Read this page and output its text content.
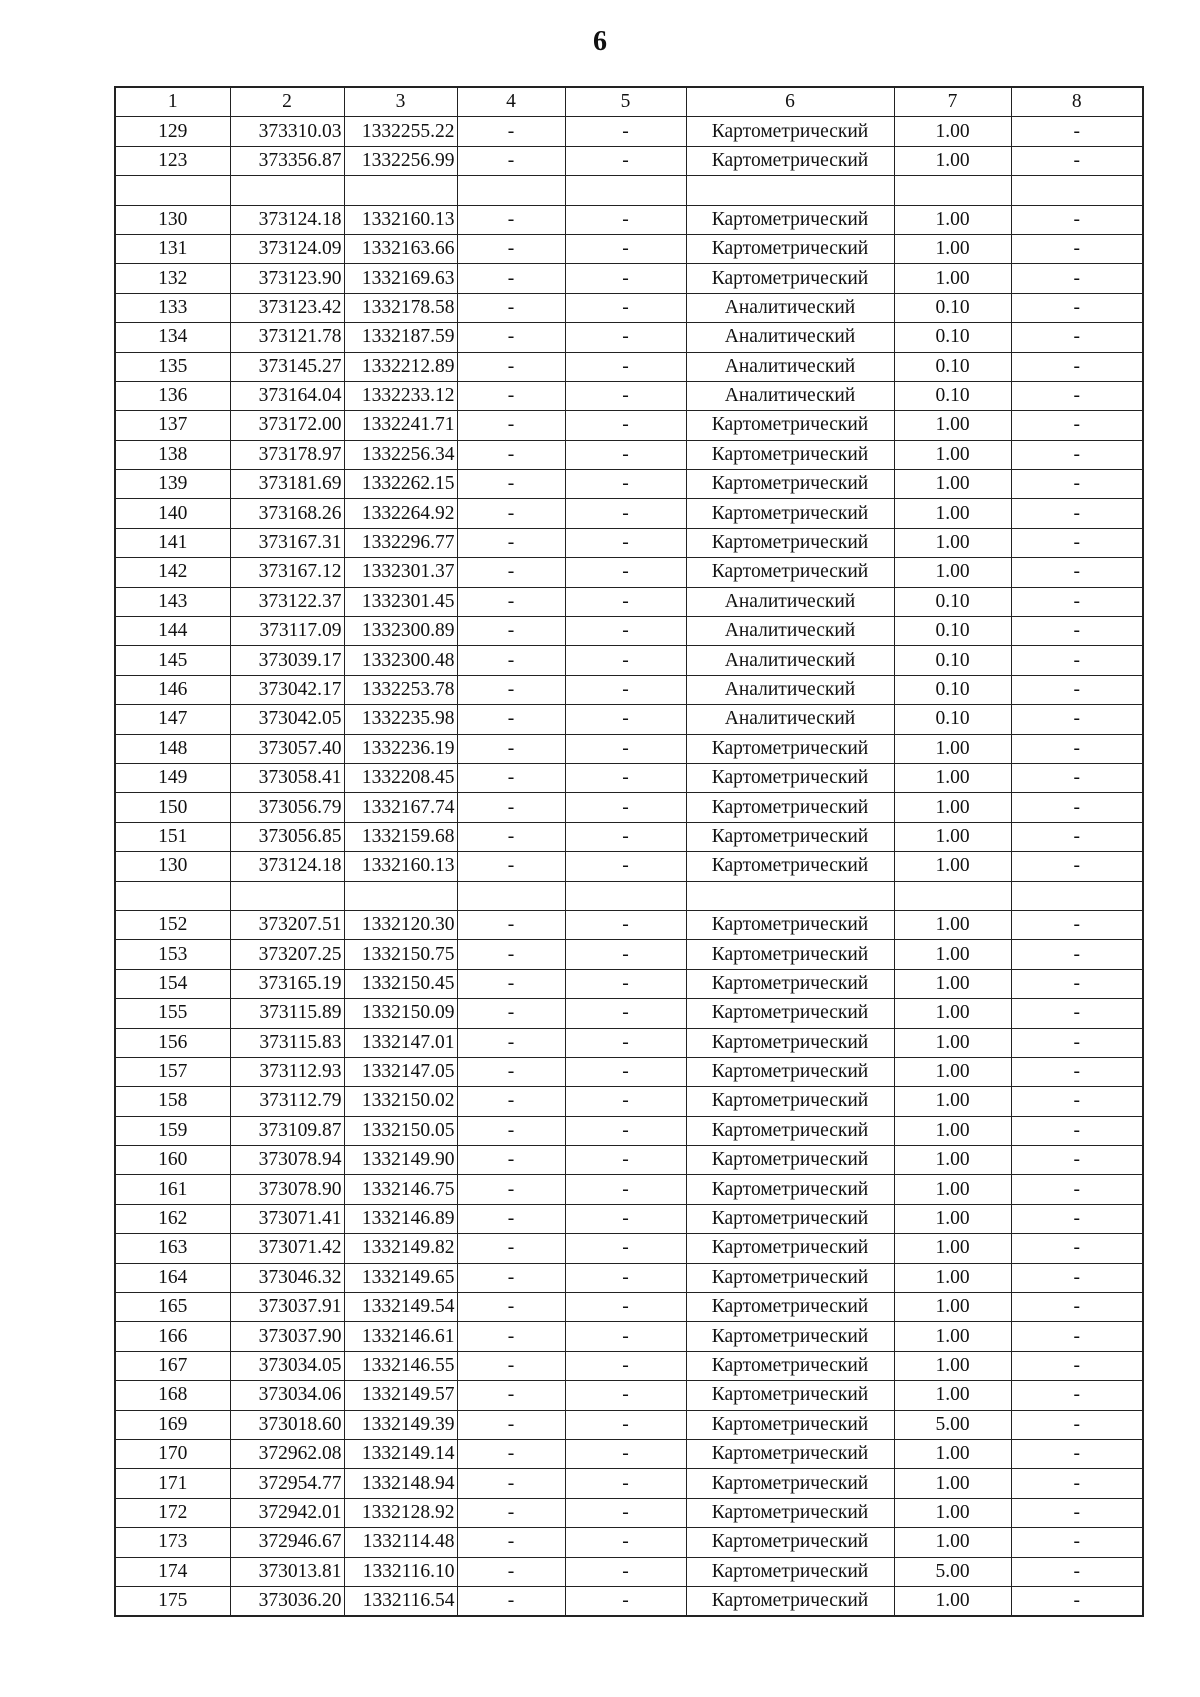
6
1	2	3	4	5	6	7	8
129	373310.03	1332255.22	-	-	Картометрический	1.00	-
123	373356.87	1332256.99	-	-	Картометрический	1.00	-

130	373124.18	1332160.13	-	-	Картометрический	1.00	-
131	373124.09	1332163.66	-	-	Картометрический	1.00	-
132	373123.90	1332169.63	-	-	Картометрический	1.00	-
133	373123.42	1332178.58	-	-	Аналитический	0.10	-
134	373121.78	1332187.59	-	-	Аналитический	0.10	-
135	373145.27	1332212.89	-	-	Аналитический	0.10	-
136	373164.04	1332233.12	-	-	Аналитический	0.10	-
137	373172.00	1332241.71	-	-	Картометрический	1.00	-
138	373178.97	1332256.34	-	-	Картометрический	1.00	-
139	373181.69	1332262.15	-	-	Картометрический	1.00	-
140	373168.26	1332264.92	-	-	Картометрический	1.00	-
141	373167.31	1332296.77	-	-	Картометрический	1.00	-
142	373167.12	1332301.37	-	-	Картометрический	1.00	-
143	373122.37	1332301.45	-	-	Аналитический	0.10	-
144	373117.09	1332300.89	-	-	Аналитический	0.10	-
145	373039.17	1332300.48	-	-	Аналитический	0.10	-
146	373042.17	1332253.78	-	-	Аналитический	0.10	-
147	373042.05	1332235.98	-	-	Аналитический	0.10	-
148	373057.40	1332236.19	-	-	Картометрический	1.00	-
149	373058.41	1332208.45	-	-	Картометрический	1.00	-
150	373056.79	1332167.74	-	-	Картометрический	1.00	-
151	373056.85	1332159.68	-	-	Картометрический	1.00	-
130	373124.18	1332160.13	-	-	Картометрический	1.00	-

152	373207.51	1332120.30	-	-	Картометрический	1.00	-
153	373207.25	1332150.75	-	-	Картометрический	1.00	-
154	373165.19	1332150.45	-	-	Картометрический	1.00	-
155	373115.89	1332150.09	-	-	Картометрический	1.00	-
156	373115.83	1332147.01	-	-	Картометрический	1.00	-
157	373112.93	1332147.05	-	-	Картометрический	1.00	-
158	373112.79	1332150.02	-	-	Картометрический	1.00	-
159	373109.87	1332150.05	-	-	Картометрический	1.00	-
160	373078.94	1332149.90	-	-	Картометрический	1.00	-
161	373078.90	1332146.75	-	-	Картометрический	1.00	-
162	373071.41	1332146.89	-	-	Картометрический	1.00	-
163	373071.42	1332149.82	-	-	Картометрический	1.00	-
164	373046.32	1332149.65	-	-	Картометрический	1.00	-
165	373037.91	1332149.54	-	-	Картометрический	1.00	-
166	373037.90	1332146.61	-	-	Картометрический	1.00	-
167	373034.05	1332146.55	-	-	Картометрический	1.00	-
168	373034.06	1332149.57	-	-	Картометрический	1.00	-
169	373018.60	1332149.39	-	-	Картометрический	5.00	-
170	372962.08	1332149.14	-	-	Картометрический	1.00	-
171	372954.77	1332148.94	-	-	Картометрический	1.00	-
172	372942.01	1332128.92	-	-	Картометрический	1.00	-
173	372946.67	1332114.48	-	-	Картометрический	1.00	-
174	373013.81	1332116.10	-	-	Картометрический	5.00	-
175	373036.20	1332116.54	-	-	Картометрический	1.00	-
